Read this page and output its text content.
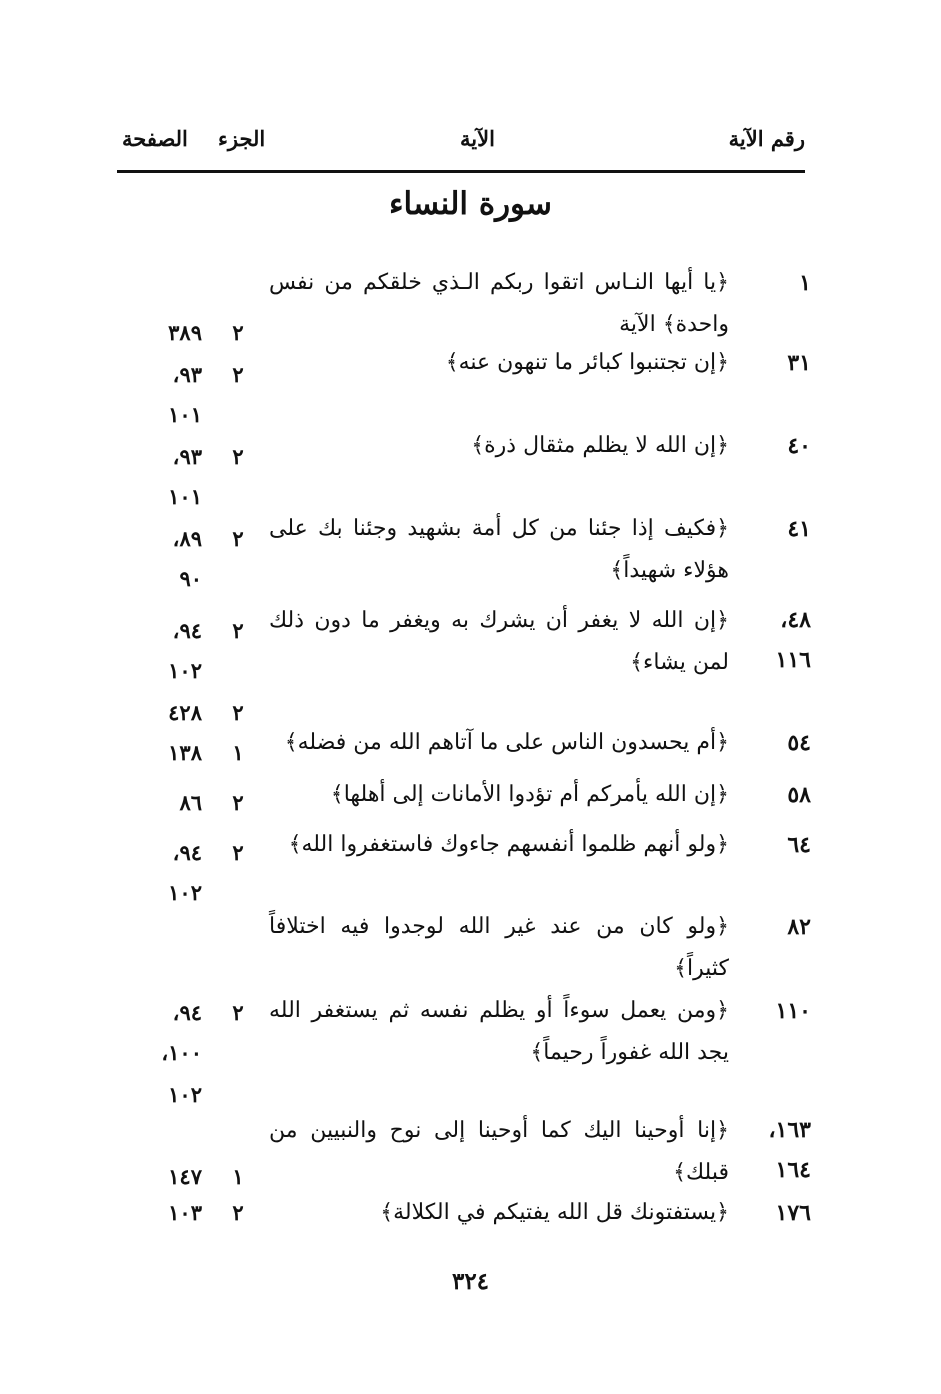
رقم الآية
الآية
الجزء
الصفحة
سورة النساء
١
٣١
٤٠
٤١
٤٨، ١١٦
٥٤
٥٨
٦٤
٨٢
١١٠
١٦٣، ١٦٤
١٧٦
﴿يا أيها النـاس اتقوا ربكم الـذي خلقكم من نفس واحدة﴾ الآية
﴿إن تجتنبوا كبائر ما تنهون عنه﴾
﴿إن الله لا يظلم مثقال ذرة﴾
﴿فكيف إذا جئنا من كل أمة بشهيد وجئنا بك على هؤلاء شهيداً﴾
﴿إن الله لا يغفر أن يشرك به ويغفر ما دون ذلك لمن يشاء﴾
﴿أم يحسدون الناس على ما آتاهم الله من فضله﴾
﴿إن الله يأمركم أم تؤدوا الأمانات إلى أهلها﴾
﴿ولو أنهم ظلموا أنفسهم جاءوك فاستغفروا الله﴾
﴿ولو كان من عند غير الله لوجدوا فيه اختلافاً كثيراً﴾
﴿ومن يعمل سوءاً أو يظلم نفسه ثم يستغفر الله يجد الله غفوراً رحيماً﴾
﴿إنا أوحينا اليك كما أوحينا إلى نوح والنبيين من قبلك﴾
﴿يستفتونك قل الله يفتيكم في الكلالة﴾
٢
٣٨٩
٢
٩٣،
١٠١
٢
٩٣،
١٠١
٢
٨٩،
٩٠
٢
٩٤،
١٠٢
٢
٤٢٨
١
١٣٨
٢
٨٦
٢
٩٤،
١٠٢
٢
٩٤،
١٠٠،
١٠٢
١
١٤٧
٢
١٠٣
٣٢٤
